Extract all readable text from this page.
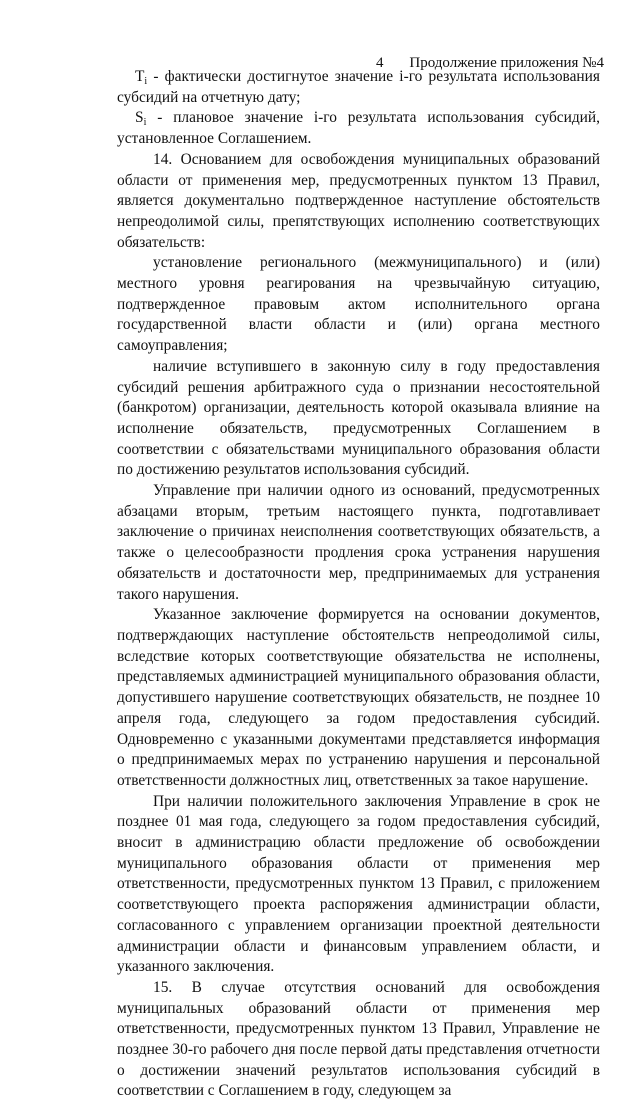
4 Продолжение приложения №4

Ti - фактически достигнутое значение i-го результата использования субсидий на отчетную дату;

Si - плановое значение i-го результата использования субсидий, установленное Соглашением.

14. Основанием для освобождения муниципальных образований области от применения мер, предусмотренных пунктом 13 Правил, является документально подтвержденное наступление обстоятельств непреодолимой силы, препятствующих исполнению соответствующих обязательств:

установление регионального (межмуниципального) и (или) местного уровня реагирования на чрезвычайную ситуацию, подтвержденное правовым актом исполнительного органа государственной власти области и (или) органа местного самоуправления;

наличие вступившего в законную силу в году предоставления субсидий решения арбитражного суда о признании несостоятельной (банкротом) организации, деятельность которой оказывала влияние на исполнение обязательств, предусмотренных Соглашением в соответствии с обязательствами муниципального образования области по достижению результатов использования субсидий.

Управление при наличии одного из оснований, предусмотренных абзацами вторым, третьим настоящего пункта, подготавливает заключение о причинах неисполнения соответствующих обязательств, а также о целесообразности продления срока устранения нарушения обязательств и достаточности мер, предпринимаемых для устранения такого нарушения.

Указанное заключение формируется на основании документов, подтверждающих наступление обстоятельств непреодолимой силы, вследствие которых соответствующие обязательства не исполнены, представляемых администрацией муниципального образования области, допустившего нарушение соответствующих обязательств, не позднее 10 апреля года, следующего за годом предоставления субсидий. Одновременно с указанными документами представляется информация о предпринимаемых мерах по устранению нарушения и персональной ответственности должностных лиц, ответственных за такое нарушение.

При наличии положительного заключения Управление в срок не позднее 01 мая года, следующего за годом предоставления субсидий, вносит в администрацию области предложение об освобождении муниципального образования области от применения мер ответственности, предусмотренных пунктом 13 Правил, с приложением соответствующего проекта распоряжения администрации области, согласованного с управлением организации проектной деятельности администрации области и финансовым управлением области, и указанного заключения.

15. В случае отсутствия оснований для освобождения муниципальных образований области от применения мер ответственности, предусмотренных пунктом 13 Правил, Управление не позднее 30-го рабочего дня после первой даты представления отчетности о достижении значений результатов использования субсидий в соответствии с Соглашением в году, следующем за
